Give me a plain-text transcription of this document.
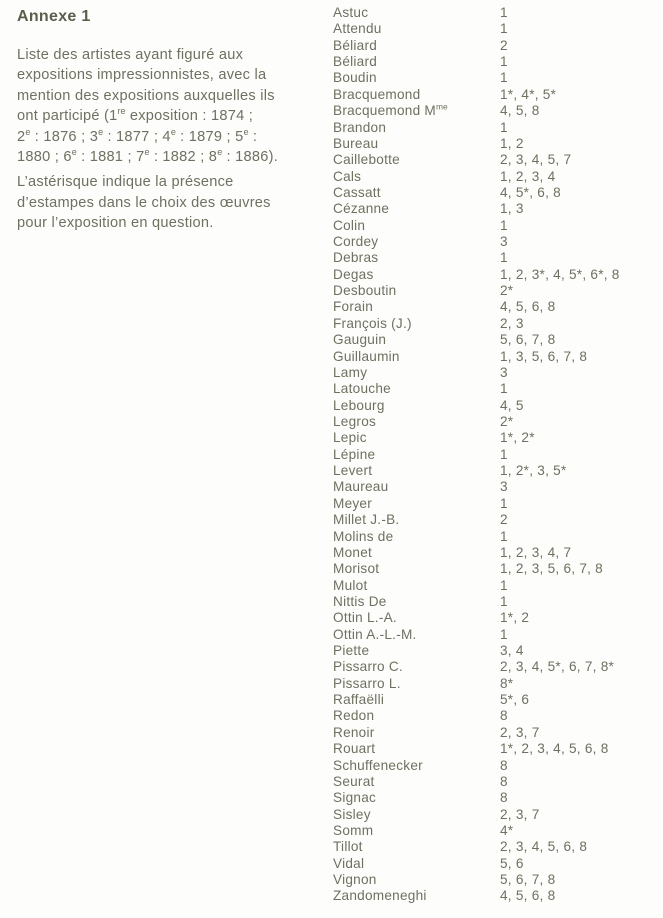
Annexe 1
Liste des artistes ayant figuré aux
expositions impressionnistes, avec la
mention des expositions auxquelles ils
ont participé (1re exposition : 1874 ;
2e : 1876 ; 3e : 1877 ; 4e : 1879 ; 5e :
1880 ; 6e : 1881 ; 7e : 1882 ; 8e : 1886).
L’astérisque indique la présence
d’estampes dans le choix des œuvres
pour l’exposition en question.
Astuc	1
Attendu	1
Béliard	2
Béliard	1
Boudin	1
Bracquemond	1*, 4*, 5*
Bracquemond $M^{me}$	4, 5, 8
Brandon	1
Bureau	1, 2
Caillebotte	2, 3, 4, 5, 7
Cals	1, 2, 3, 4
Cassatt	4, 5*, 6, 8
Cézanne	1, 3
Colin	1
Cordey	3
Debras	1
Degas	1, 2, 3*, 4, 5*, 6*, 8
Desboutin	2*
Forain	4, 5, 6, 8
François (J.)	2, 3
Gauguin	5, 6, 7, 8
Guillaumin	1, 3, 5, 6, 7, 8
Lamy	3
Latouche	1
Lebourg	4, 5
Legros	2*
Lepic	1*, 2*
Lépine	1
Levert	1, 2*, 3, 5*
Maureau	3
Meyer	1
Millet J.-B.	2
Molins de	1
Monet	1, 2, 3, 4, 7
Morisot	1, 2, 3, 5, 6, 7, 8
Mulot	1
Nittis De	1
Ottin L.-A.	1*, 2
Ottin A.-L.-M.	1
Piette	3, 4
Pissarro C.	2, 3, 4, 5*, 6, 7, 8*
Pissarro L.	8*
Raffaëlli	5*, 6
Redon	8
Renoir	2, 3, 7
Rouart	1*, 2, 3, 4, 5, 6, 8
Schuffenecker	8
Seurat	8
Signac	8
Sisley	2, 3, 7
Somm	4*
Tillot	2, 3, 4, 5, 6, 8
Vidal	5, 6
Vignon	5, 6, 7, 8
Zandomeneghi	4, 5, 6, 8
